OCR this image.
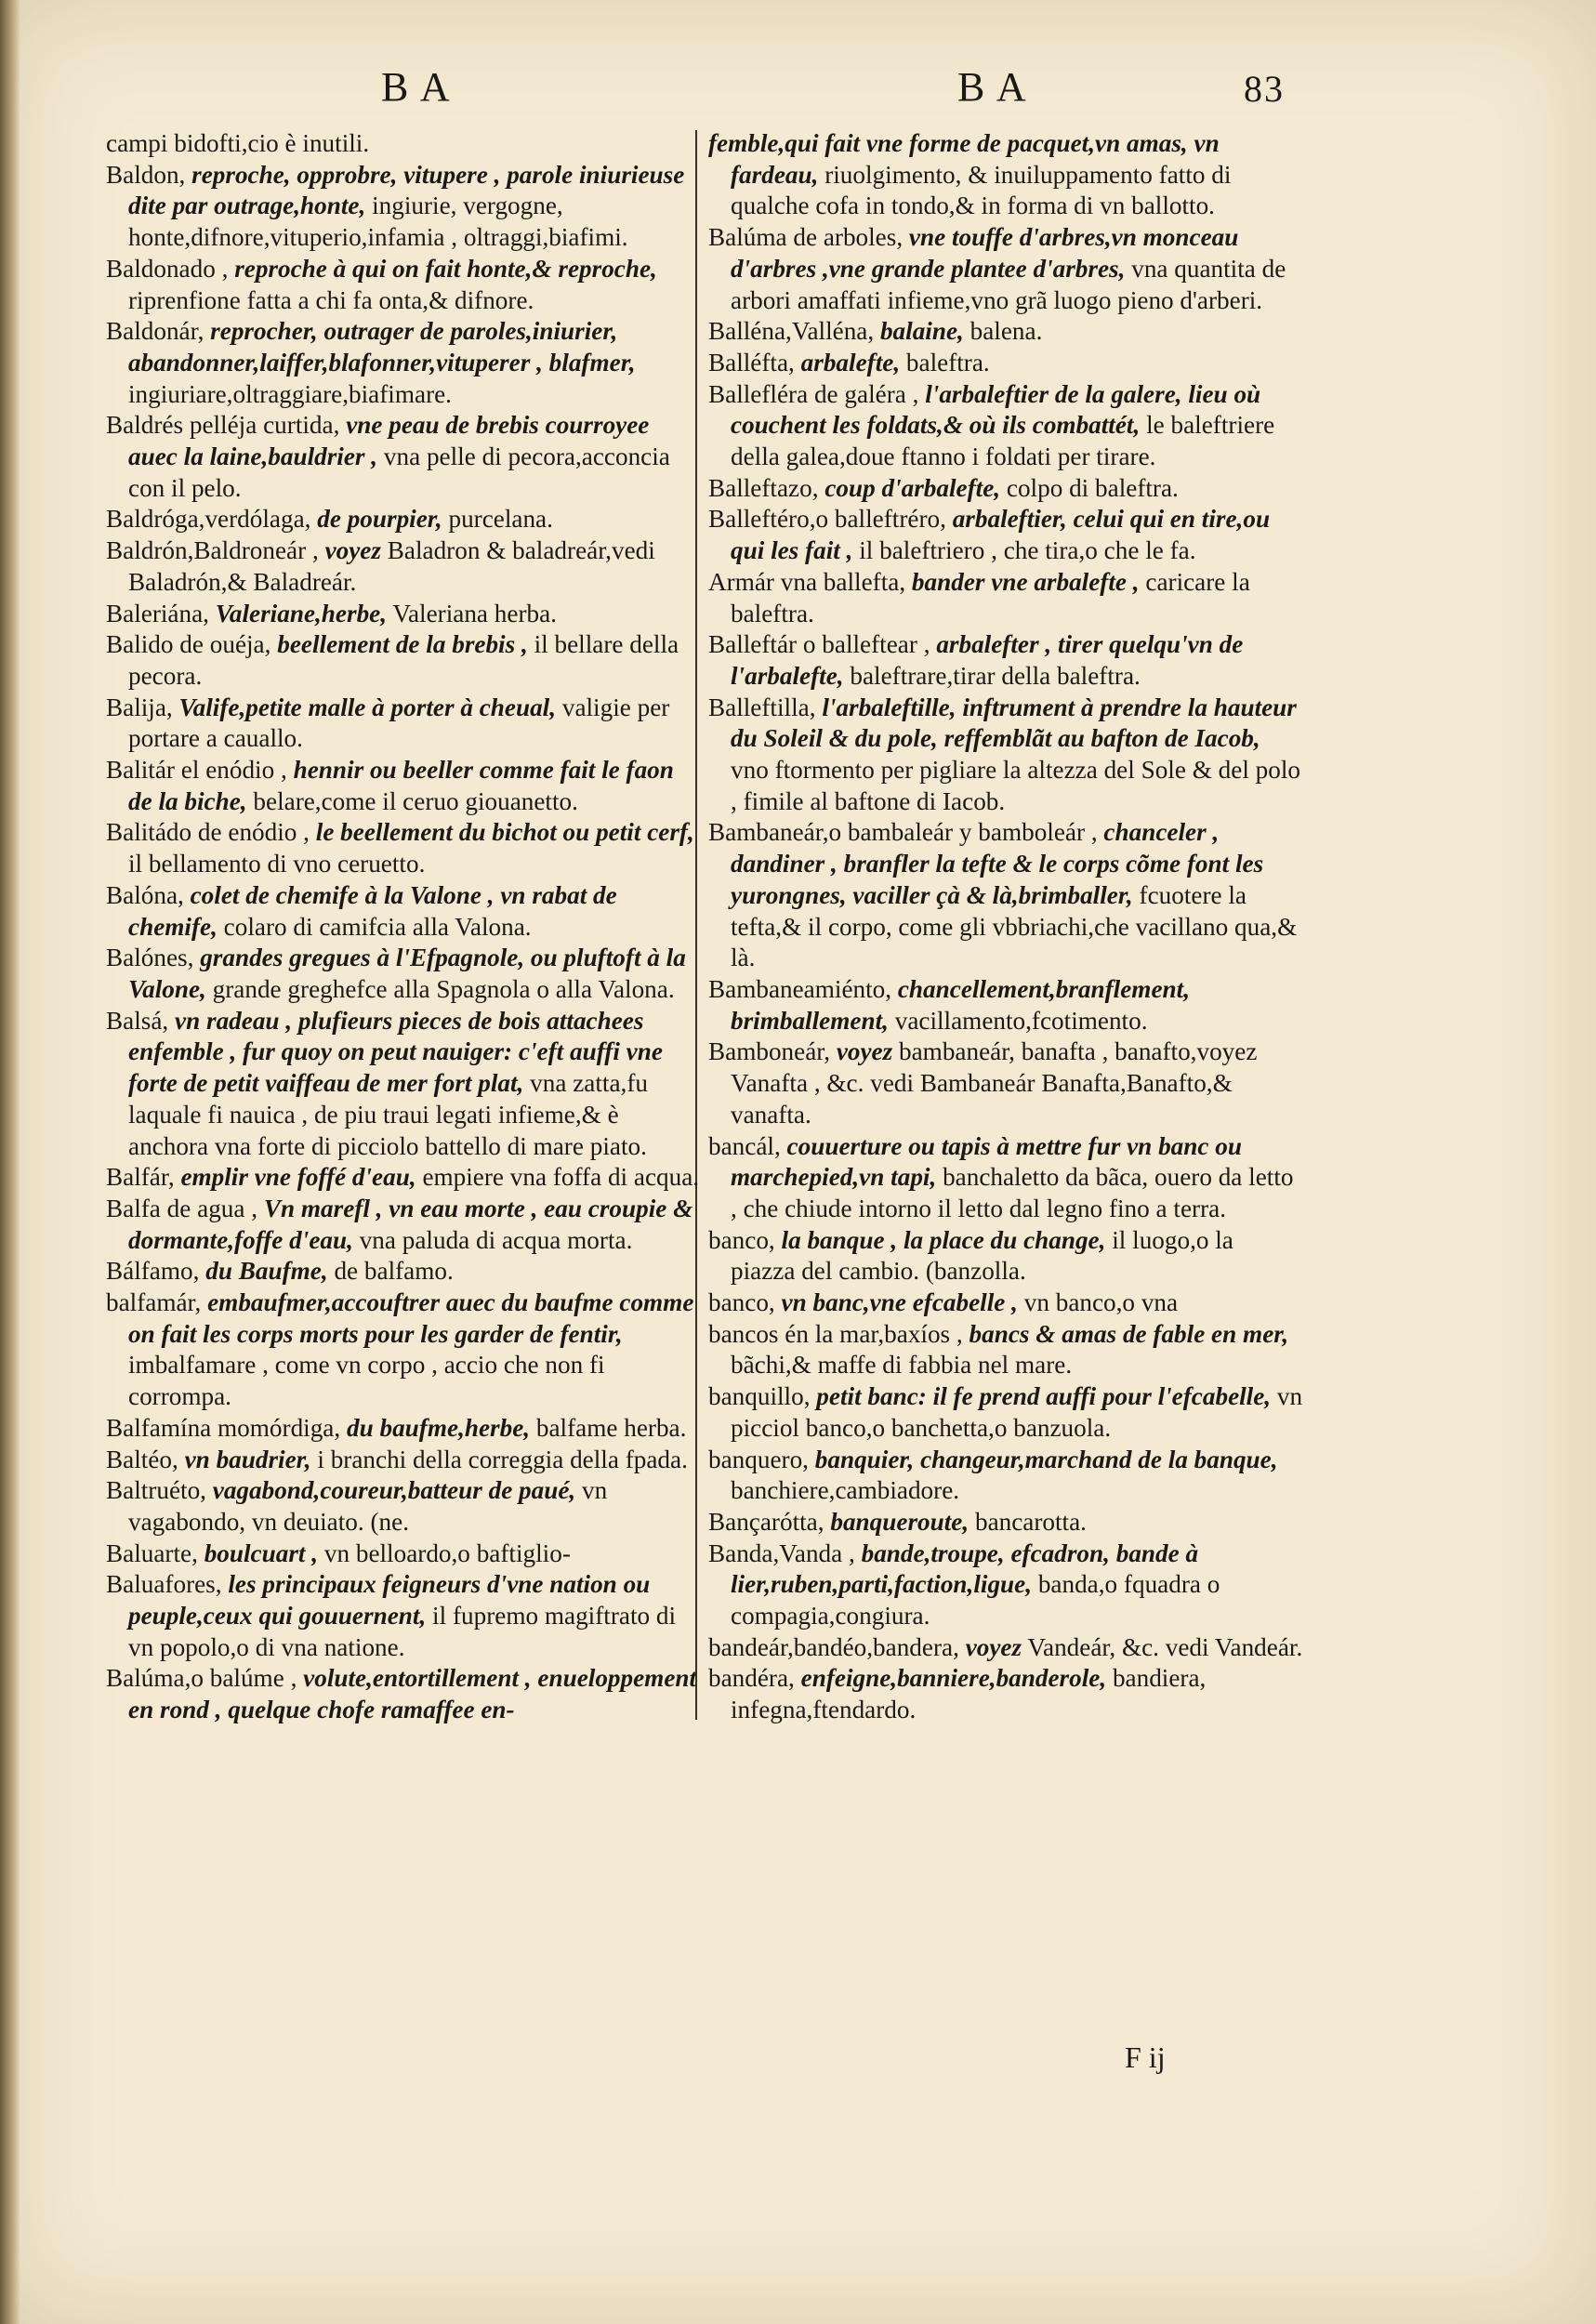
B A	B A	83

campi bidofti,cio è inutili.

Baldon, reproche, opprobre, vitupere , parole iniurieuse dite par outrage,honte, ingiurie, vergogne, honte,difnore,vituperio,infamia , oltraggi,biafimi.

Baldonado , reproche à qui on fait honte,& reproche, riprenfione fatta a chi fa onta,& difnore.

Baldonár, reprocher, outrager de paroles,iniurier, abandonner,laiffer,blafonner,vituperer , blafmer, ingiuriare,oltraggiare,biafimare.

Baldrés pelléja curtida, vne peau de brebis courroyee auec la laine,bauldrier , vna pelle di pecora,acconcia con il pelo.

Baldróga,verdólaga, de pourpier, purcelana.

Baldrón,Baldroneár , voyez Baladron & baladreár,vedi Baladrón,& Baladreár.

Baleriána, Valeriane,herbe, Valeriana herba.

Balido de ouéja, beellement de la brebis , il bellare della pecora.

Balija, Valife,petite malle à porter à cheual, valigie per portare a cauallo.

Balitár el enódio , hennir ou beeller comme fait le faon de la biche, belare,come il ceruo giouanetto.

Balitádo de enódio , le beellement du bichot ou petit cerf, il bellamento di vno ceruetto.

Balóna, colet de chemife à la Valone , vn rabat de chemife, colaro di camifcia alla Valona.

Balónes, grandes gregues à l'Efpagnole, ou pluftoft à la Valone, grande greghefce alla Spagnola o alla Valona.

Balsá, vn radeau , plufieurs pieces de bois attachees enfemble , fur quoy on peut nauiger: c'eft auffi vne forte de petit vaiffeau de mer fort plat, vna zatta,fu laquale fi nauica , de piu traui legati infieme,& è anchora vna forte di picciolo battello di mare piato.

Balfár, emplir vne foffé d'eau, empiere vna foffa di acqua.

Balfa de agua , Vn marefl , vn eau morte , eau croupie & dormante,foffe d'eau, vna paluda di acqua morta.

Bálfamo, du Baufme, de balfamo.

balfamár, embaufmer,accouftrer auec du baufme comme on fait les corps morts pour les garder de fentir, imbalfamare , come vn corpo , accio che non fi corrompa.

Balfamína momórdiga, du baufme,herbe, balfame herba.

Baltéo, vn baudrier, i branchi della correggia della fpada.

Baltruéto, vagabond,coureur,batteur de paué, vn vagabondo, vn deuiato. (ne.

Baluarte, boulcuart , vn belloardo,o baftiglio-

Baluafores, les principaux feigneurs d'vne nation ou peuple,ceux qui gouuernent, il fupremo magiftrato di vn popolo,o di vna natione.

Balúma,o balúme , volute,entortillement , enueloppement en rond , quelque chofe ramaffee en-

femble,qui fait vne forme de pacquet,vn amas, vn fardeau, riuolgimento, & inuiluppamento fatto di qualche cofa in tondo,& in forma di vn ballotto.

Balúma de arboles, vne touffe d'arbres,vn monceau d'arbres ,vne grande plantee d'arbres, vna quantita de arbori amaffati infieme,vno grã luogo pieno d'arberi.

Balléna,Valléna, balaine, balena.

Balléfta, arbalefte, baleftra.

Ballefléra de galéra , l'arbaleftier de la galere, lieu où couchent les foldats,& où ils combattét, le baleftriere della galea,doue ftanno i foldati per tirare.

Balleftazo, coup d'arbalefte, colpo di baleftra.

Balleftéro,o balleftréro, arbaleftier, celui qui en tire,ou qui les fait , il baleftriero , che tira,o che le fa.

Armár vna ballefta, bander vne arbalefte , caricare la baleftra.

Balleftár o balleftear , arbalefter , tirer quelqu'vn de l'arbalefte, baleftrare,tirar della baleftra.

Balleftilla, l'arbaleftille, inftrument à prendre la hauteur du Soleil & du pole, reffemblãt au bafton de Iacob, vno ftormento per pigliare la altezza del Sole & del polo , fimile al baftone di Iacob.

Bambaneár,o bambaleár y bamboleár , chanceler , dandiner , branfler la tefte & le corps cõme font les yurongnes, vaciller çà & là,brimballer, fcuotere la tefta,& il corpo, come gli vbbriachi,che vacillano qua,& là.

Bambaneamiénto, chancellement,branflement, brimballement, vacillamento,fcotimento.

Bamboneár, voyez bambaneár, banafta , banafto,voyez Vanafta , &c. vedi Bambaneár Banafta,Banafto,& vanafta.

bancál, couuerture ou tapis à mettre fur vn banc ou marchepied,vn tapi, banchaletto da bãca, ouero da letto , che chiude intorno il letto dal legno fino a terra.

banco, la banque , la place du change, il luogo,o la piazza del cambio. (banzolla.

banco, vn banc,vne efcabelle , vn banco,o vna

bancos én la mar,baxíos , bancs & amas de fable en mer, bãchi,& maffe di fabbia nel mare.

banquillo, petit banc: il fe prend auffi pour l'efcabelle, vn picciol banco,o banchetta,o banzuola.

banquero, banquier, changeur,marchand de la banque, banchiere,cambiadore.

Bançarótta, banqueroute, bancarotta.

Banda,Vanda , bande,troupe, efcadron, bande à lier,ruben,parti,faction,ligue, banda,o fquadra o compagia,congiura.

bandeár,bandéo,bandera, voyez Vandeár, &c. vedi Vandeár.

bandéra, enfeigne,banniere,banderole, bandiera, infegna,ftendardo.

F ij
